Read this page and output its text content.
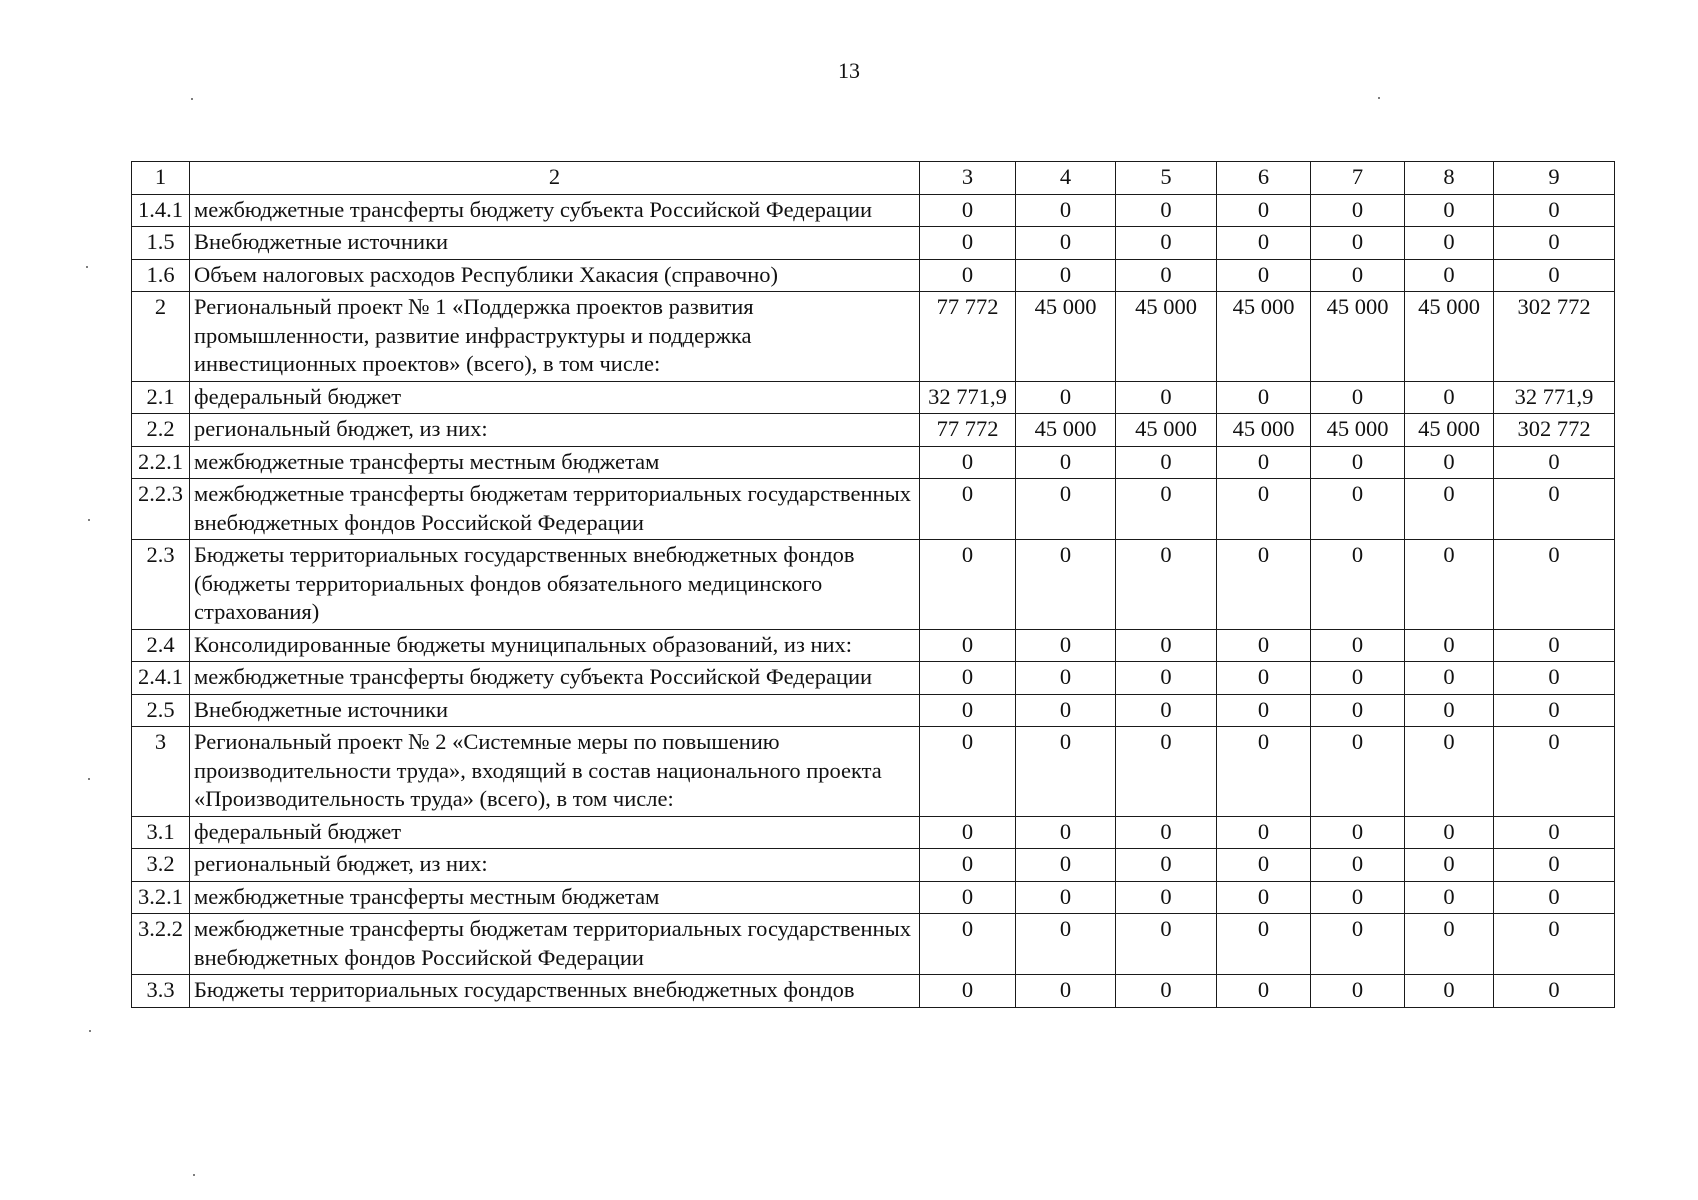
13
1	2	3	4	5	6	7	8	9
1.4.1	межбюджетные трансферты бюджету субъекта Российской Федерации	0	0	0	0	0	0	0
1.5	Внебюджетные источники	0	0	0	0	0	0	0
1.6	Объем налоговых расходов Республики Хакасия (справочно)	0	0	0	0	0	0	0
2	Региональный проект № 1 «Поддержка проектов развития промышленности, развитие инфраструктуры и поддержка инвестиционных проектов» (всего), в том числе:	77 772	45 000	45 000	45 000	45 000	45 000	302 772
2.1	федеральный бюджет	32 771,9	0	0	0	0	0	32 771,9
2.2	региональный бюджет, из них:	77 772	45 000	45 000	45 000	45 000	45 000	302 772
2.2.1	межбюджетные трансферты местным бюджетам	0	0	0	0	0	0	0
2.2.3	межбюджетные трансферты бюджетам территориальных государственных внебюджетных фондов Российской Федерации	0	0	0	0	0	0	0
2.3	Бюджеты территориальных государственных внебюджетных фондов (бюджеты территориальных фондов обязательного медицинского страхования)	0	0	0	0	0	0	0
2.4	Консолидированные бюджеты муниципальных образований, из них:	0	0	0	0	0	0	0
2.4.1	межбюджетные трансферты бюджету субъекта Российской Федерации	0	0	0	0	0	0	0
2.5	Внебюджетные источники	0	0	0	0	0	0	0
3	Региональный проект № 2 «Системные меры по повышению производительности труда», входящий в состав национального проекта «Производительность труда» (всего), в том числе:	0	0	0	0	0	0	0
3.1	федеральный бюджет	0	0	0	0	0	0	0
3.2	региональный бюджет, из них:	0	0	0	0	0	0	0
3.2.1	межбюджетные трансферты местным бюджетам	0	0	0	0	0	0	0
3.2.2	межбюджетные трансферты бюджетам территориальных государственных внебюджетных фондов Российской Федерации	0	0	0	0	0	0	0
3.3	Бюджеты территориальных государственных внебюджетных фондов	0	0	0	0	0	0	0
